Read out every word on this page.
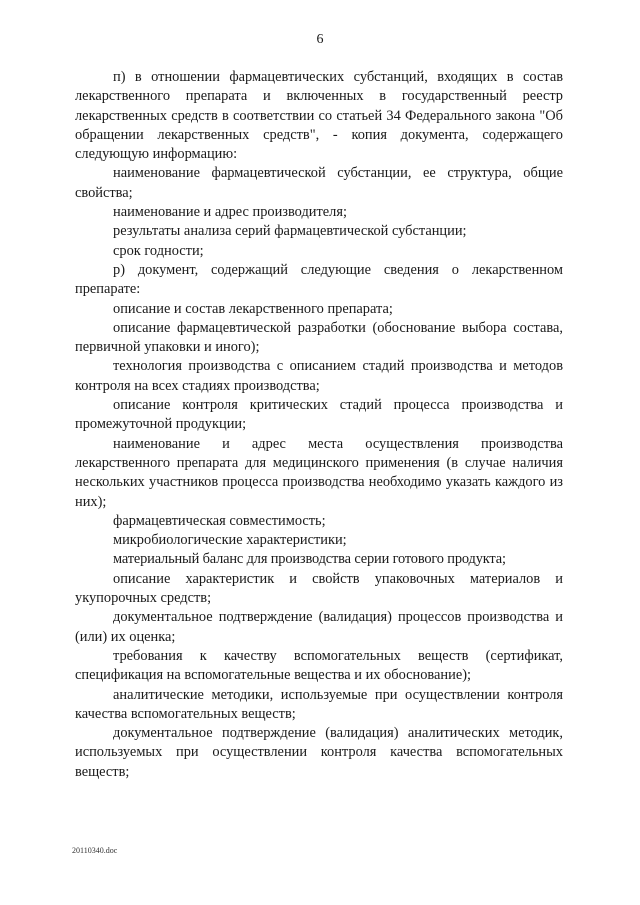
6

п) в отношении фармацевтических субстанций, входящих в состав лекарственного препарата и включенных в государственный реестр лекарственных средств в соответствии со статьей 34 Федерального закона "Об обращении лекарственных средств", - копия документа, содержащего следующую информацию:

наименование фармацевтической субстанции, ее структура, общие свойства;

наименование и адрес производителя;

результаты анализа серий фармацевтической субстанции;

срок годности;

р) документ, содержащий следующие сведения о лекарственном препарате:

описание и состав лекарственного препарата;

описание фармацевтической разработки (обоснование выбора состава, первичной упаковки и иного);

технология производства с описанием стадий производства и методов контроля на всех стадиях производства;

описание контроля критических стадий процесса производства и промежуточной продукции;

наименование и адрес места осуществления производства лекарственного препарата для медицинского применения (в случае наличия нескольких участников процесса производства необходимо указать каждого из них);

фармацевтическая совместимость;

микробиологические характеристики;

материальный баланс для производства серии готового продукта;

описание характеристик и свойств упаковочных материалов и укупорочных средств;

документальное подтверждение (валидация) процессов производства и (или) их оценка;

требования к качеству вспомогательных веществ (сертификат, спецификация на вспомогательные вещества и их обоснование);

аналитические методики, используемые при осуществлении контроля качества вспомогательных веществ;

документальное подтверждение (валидация) аналитических методик, используемых при осуществлении контроля качества вспомогательных веществ;

20110340.doc
